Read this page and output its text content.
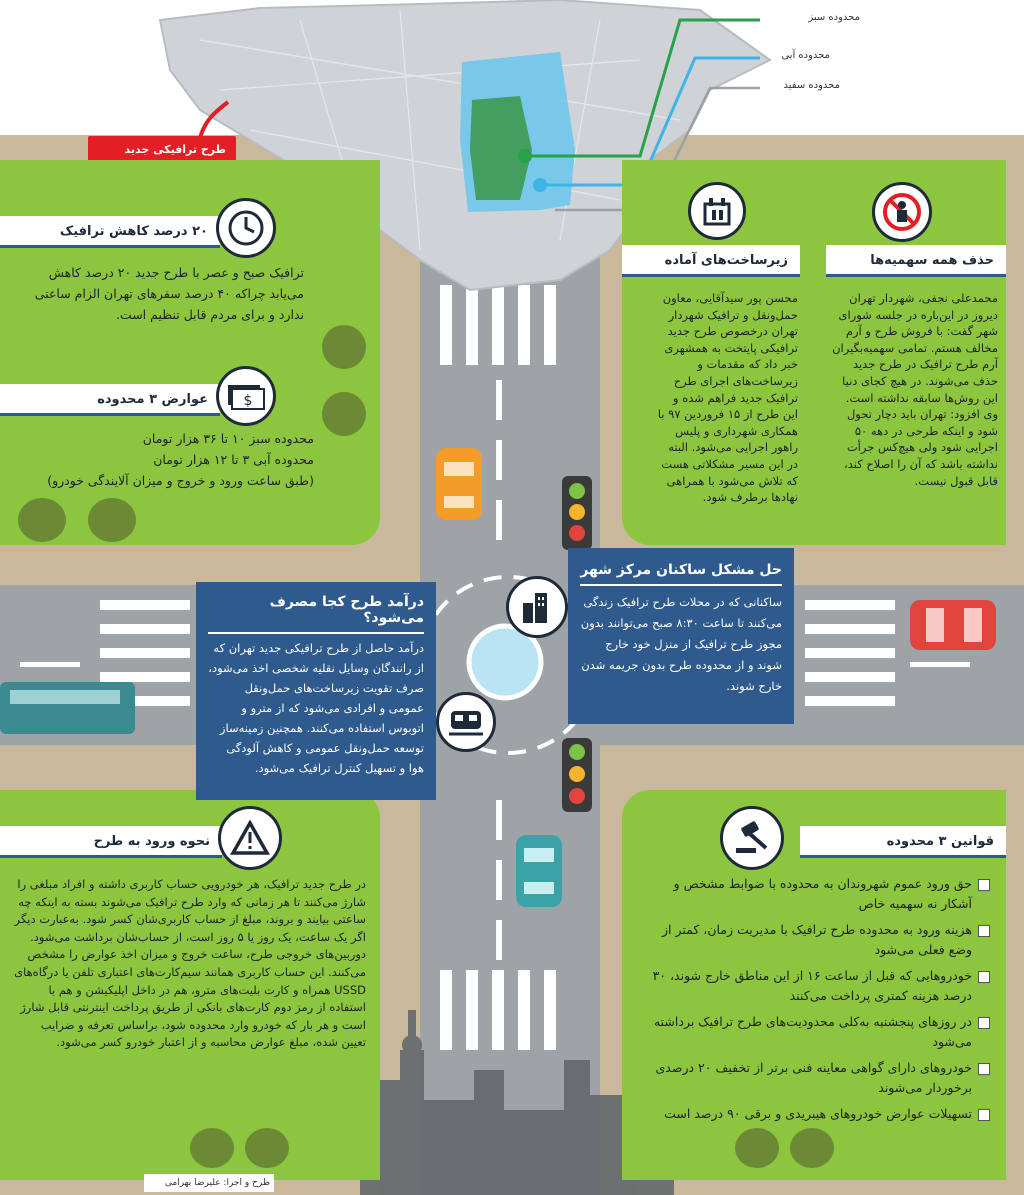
محدوده سبز
محدوده آبی
محدوده سفید
طرح ترافیکی جدید
۲۰ درصد کاهش ترافیک
ترافیک صبح و عصر با طرح جدید ۲۰ درصد کاهش می‌یابد چراکه ۴۰ درصد سفرهای تهران الزام ساعتی ندارد و برای مردم قابل تنظیم است.
عوارض ۳ محدوده	$
محدوده سبز ۱۰ تا ۳۶ هزار تومان
محدوده آبی ۳ تا ۱۲ هزار تومان
(طبق ساعت ورود و خروج و میزان آلایندگی خودرو)
زیرساخت‌های آماده
محسن پور سیدآقایی، معاون حمل‌ونقل و ترافیک شهردار تهران درخصوص طرح جدید ترافیکی پایتخت به همشهری خبر داد که مقدمات و زیرساخت‌های اجرای طرح ترافیک جدید فراهم شده و این طرح از ۱۵ فروردین ۹۷ با همکاری شهرداری و پلیس راهور اجرایی می‌شود. البته در این مسیر مشکلاتی هست که تلاش می‌شود با همراهی نهادها برطرف شود.
حذف همه سهمیه‌ها
محمدعلی نجفی، شهردار تهران دیروز در این‌باره در جلسه شورای شهر گفت: با فروش طرح و آرم مخالف هستم. تمامی سهمیه‌بگیران آرم طرح ترافیک در طرح جدید حذف می‌شوند. در هیچ کجای دنیا این روش‌ها سابقه نداشته است. وی افزود: تهران باید دچار تحول شود و اینکه طرحی در دهه ۵۰ اجرایی شود ولی هیچ‌کس جرأت نداشته باشد که آن را اصلاح کند، قابل قبول نیست.
درآمد طرح کجا مصرف می‌شود؟
درآمد حاصل از طرح ترافیکی جدید تهران که از رانندگان وسایل نقلیه شخصی اخذ می‌شود، صرف تقویت زیرساخت‌های حمل‌ونقل عمومی و افرادی می‌شود که از مترو و اتوبوس استفاده می‌کنند. همچنین زمینه‌ساز توسعه حمل‌ونقل عمومی و کاهش آلودگی هوا و تسهیل کنترل ترافیک می‌شود.
حل مشکل ساکنان مرکز شهر
ساکنانی که در محلات طرح ترافیک زندگی می‌کنند تا ساعت ۸:۳۰ صبح می‌توانند بدون مجوز طرح ترافیک از منزل خود خارج شوند و از محدوده طرح بدون جریمه شدن خارج شوند.
نحوه ورود به طرح
در طرح جدید ترافیک، هر خودرویی حساب کاربری داشته و افراد مبلغی را شارژ می‌کنند تا هر زمانی که وارد طرح ترافیک می‌شوند بسته به اینکه چه ساعتی بیایند و بروند، مبلغ از حساب کاربری‌شان کسر شود. به‌عبارت دیگر اگر یک ساعت، یک روز یا ۵ روز است، از حساب‌شان برداشت می‌شود. دوربین‌های خروجی طرح، ساعت خروج و میزان اخذ عوارض را مشخص می‌کنند. این حساب کاربری همانند سیم‌کارت‌های اعتباری تلفن یا درگاه‌های USSD همراه و کارت بلیت‌های مترو، هم در داخل اپلیکیشن و هم با استفاده از رمز دوم کارت‌های بانکی از طریق پرداخت اینترنتی قابل شارژ است و هر بار که خودرو وارد محدوده شود، براساس تعرفه و ضرایب تعیین شده، مبلغ عوارض محاسبه و از اعتبار خودرو کسر می‌شود.
قوانین ۳ محدوده
حق ورود عموم شهروندان به محدوده با ضوابط مشخص و آشکار نه سهمیه خاص
هزینه ورود به محدوده طرح ترافیک با مدیریت زمان، کمتر از وضع فعلی می‌شود
خودروهایی که قبل از ساعت ۱۶ از این مناطق خارج شوند، ۳۰ درصد هزینه کمتری پرداخت می‌کنند
در روزهای پنجشنبه به‌کلی محدودیت‌های طرح ترافیک برداشته می‌شود
خودروهای دارای گواهی معاینه فنی برتر از تخفیف ۲۰ درصدی برخوردار می‌شوند
تسهیلات عوارض خودروهای هیبریدی و برقی ۹۰ درصد است
طرح و اجرا: علیرضا بهرامی
